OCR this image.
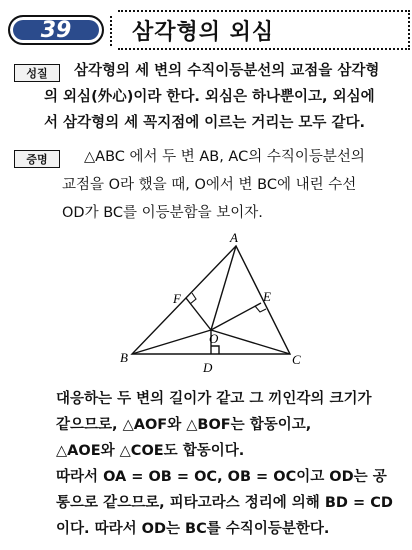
39	삼각형의 외심
성질	삼각형의 세 변의 수직이등분선의 교점을 삼각형
의 외심(外心)이라 한다. 외심은 하나뿐이고, 외심에
서 삼각형의 세 꼭지점에 이르는 거리는 모두 같다.
증명	△ABC 에서 두 변 AB, AC의 수직이등분선의
교점을 O라 했을 때, O에서 변 BC에 내린 수선
OD가 BC를 이등분함을 보이자.
A
B	C
D
E
F
O
대응하는 두 변의 길이가 같고 그 끼인각의 크기가
같으므로, △AOF와 △BOF는 합동이고,
△AOE와 △COE도 합동이다.
따라서 OA = OB = OC, OB = OC이고 OD는 공
통으로 같으므로, 피타고라스 정리에 의해 BD = CD
이다. 따라서 OD는 BC를 수직이등분한다.
